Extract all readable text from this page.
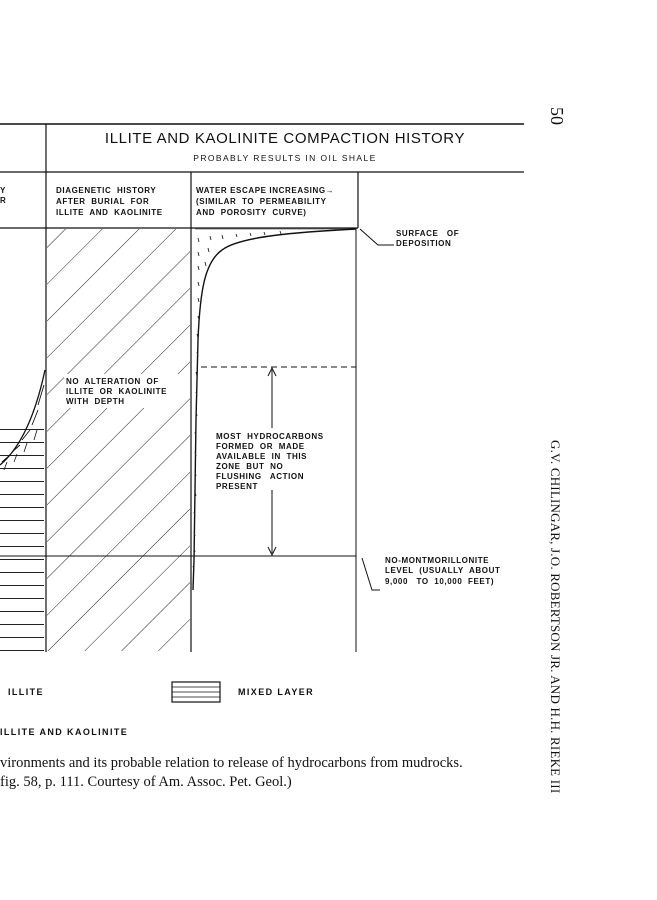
50
G.V. CHILINGAR, J.O. ROBERTSON JR. AND H.H. RIEKE III
ILLITE AND KAOLINITE COMPACTION HISTORY
PROBABLY RESULTS IN OIL SHALE
Y
R
DIAGENETIC  HISTORY
AFTER  BURIAL  FOR
ILLITE  AND  KAOLINITE
WATER ESCAPE INCREASING→
(SIMILAR  TO  PERMEABILITY
AND  POROSITY  CURVE)
NO  ALTERATION  OF
ILLITE  OR  KAOLINITE
WITH  DEPTH
MOST  HYDROCARBONS
FORMED  OR  MADE
AVAILABLE  IN  THIS
ZONE  BUT  NO
FLUSHING   ACTION
PRESENT
SURFACE   OF
DEPOSITION
NO-MONTMORILLONITE
LEVEL  (USUALLY  ABOUT
9,000   TO  10,000  FEET)
ILLITE	MIXED LAYER
ILLITE AND KAOLINITE
vironments and its probable relation to release of hydrocarbons from mudrocks.
fig. 58, p. 111. Courtesy of Am. Assoc. Pet. Geol.)
